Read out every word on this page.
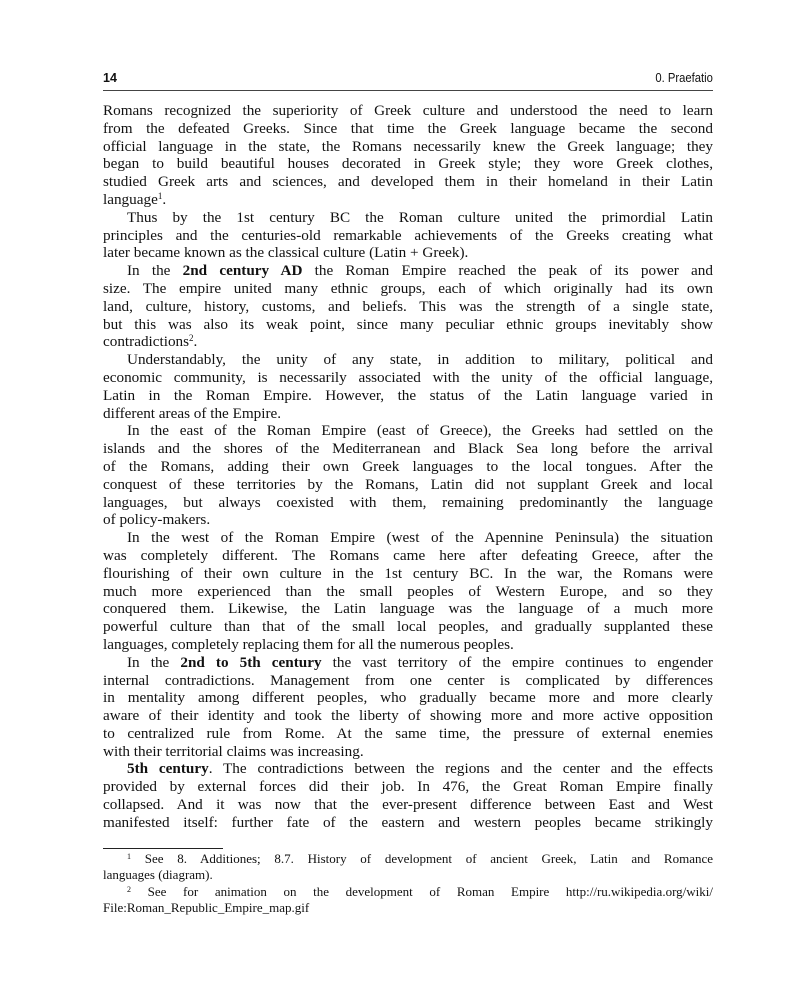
14	0. Praefatio
Romans recognized the superiority of Greek culture and understood the need to learn
from the defeated Greeks. Since that time the Greek language became the second
official language in the state, the Romans necessarily knew the Greek language; they
began to build beautiful houses decorated in Greek style; they wore Greek clothes,
studied Greek arts and sciences, and developed them in their homeland in their Latin
language$^1$.
Thus by the 1st century BC the Roman culture united the primordial Latin
principles and the centuries-old remarkable achievements of the Greeks creating what
later became known as the classical culture (Latin + Greek).
In the 2nd century AD the Roman Empire reached the peak of its power and
size. The empire united many ethnic groups, each of which originally had its own
land, culture, history, customs, and beliefs. This was the strength of a single state,
but this was also its weak point, since many peculiar ethnic groups inevitably show
contradictions$^2$.
Understandably, the unity of any state, in addition to military, political and
economic community, is necessarily associated with the unity of the official language,
Latin in the Roman Empire. However, the status of the Latin language varied in
different areas of the Empire.
In the east of the Roman Empire (east of Greece), the Greeks had settled on the
islands and the shores of the Mediterranean and Black Sea long before the arrival
of the Romans, adding their own Greek languages to the local tongues. After the
conquest of these territories by the Romans, Latin did not supplant Greek and local
languages, but always coexisted with them, remaining predominantly the language
of policy-makers.
In the west of the Roman Empire (west of the Apennine Peninsula) the situation
was completely different. The Romans came here after defeating Greece, after the
flourishing of their own culture in the 1st century BC. In the war, the Romans were
much more experienced than the small peoples of Western Europe, and so they
conquered them. Likewise, the Latin language was the language of a much more
powerful culture than that of the small local peoples, and gradually supplanted these
languages, completely replacing them for all the numerous peoples.
In the 2nd to 5th century the vast territory of the empire continues to engender
internal contradictions. Management from one center is complicated by differences
in mentality among different peoples, who gradually became more and more clearly
aware of their identity and took the liberty of showing more and more active opposition
to centralized rule from Rome. At the same time, the pressure of external enemies
with their territorial claims was increasing.
5th century. The contradictions between the regions and the center and the effects
provided by external forces did their job. In 476, the Great Roman Empire finally
collapsed. And it was now that the ever-present difference between East and West
manifested itself: further fate of the eastern and western peoples became strikingly
$^1$ See 8. Additiones; 8.7. History of development of ancient Greek, Latin and Romance
languages (diagram).
$^2$ See for animation on the development of Roman Empire http://ru.wikipedia.org/wiki/
File:Roman_Republic_Empire_map.gif
